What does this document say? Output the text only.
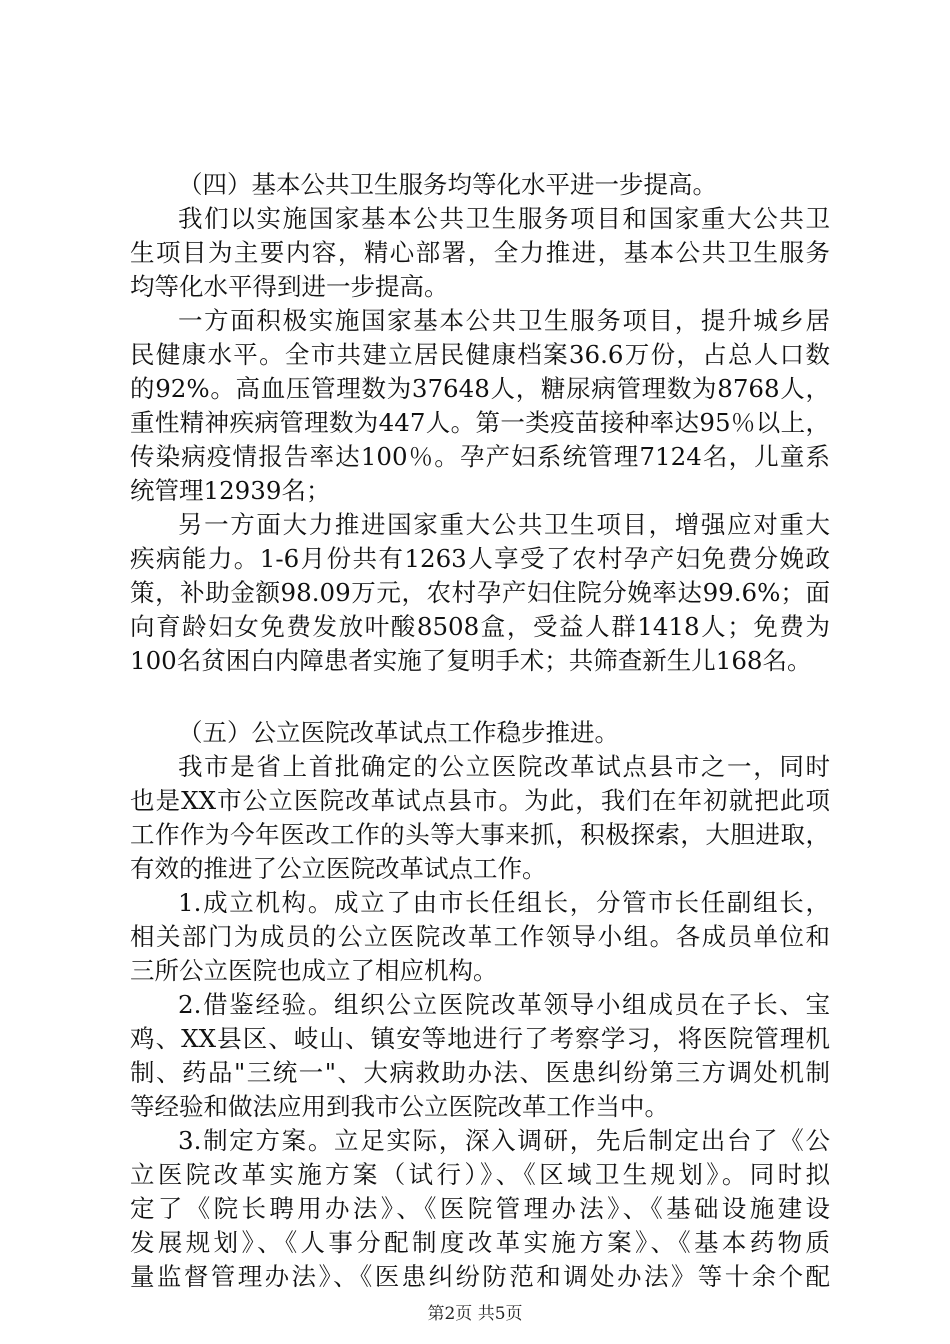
（四）基本公共卫生服务均等化水平进一步提高。
我们以实施国家基本公共卫生服务项目和国家重大公共卫
生项目为主要内容，精心部署，全力推进，基本公共卫生服务
均等化水平得到进一步提高。
一方面积极实施国家基本公共卫生服务项目，提升城乡居
民健康水平。全市共建立居民健康档案36.6万份，占总人口数
的92%。高血压管理数为37648人，糖尿病管理数为8768人，
重性精神疾病管理数为447人。第一类疫苗接种率达95％以上，
传染病疫情报告率达100％。孕产妇系统管理7124名，儿童系
统管理12939名；
另一方面大力推进国家重大公共卫生项目，增强应对重大
疾病能力。1-6月份共有1263人享受了农村孕产妇免费分娩政
策，补助金额98.09万元，农村孕产妇住院分娩率达99.6%；面
向育龄妇女免费发放叶酸8508盒，受益人群1418人；免费为
100名贫困白内障患者实施了复明手术；共筛查新生儿168名。
（五）公立医院改革试点工作稳步推进。
我市是省上首批确定的公立医院改革试点县市之一，同时
也是XX市公立医院改革试点县市。为此，我们在年初就把此项
工作作为今年医改工作的头等大事来抓，积极探索，大胆进取，
有效的推进了公立医院改革试点工作。
1.成立机构。成立了由市长任组长，分管市长任副组长，
相关部门为成员的公立医院改革工作领导小组。各成员单位和
三所公立医院也成立了相应机构。
2.借鉴经验。组织公立医院改革领导小组成员在子长、宝
鸡、XX县区、岐山、镇安等地进行了考察学习，将医院管理机
制、药品"三统一"、大病救助办法、医患纠纷第三方调处机制
等经验和做法应用到我市公立医院改革工作当中。
3.制定方案。立足实际，深入调研，先后制定出台了《公
立医院改革实施方案（试行）》、《区域卫生规划》。同时拟
定了《院长聘用办法》、《医院管理办法》、《基础设施建设
发展规划》、《人事分配制度改革实施方案》、《基本药物质
量监督管理办法》、《医患纠纷防范和调处办法》等十余个配
第2页 共5页
